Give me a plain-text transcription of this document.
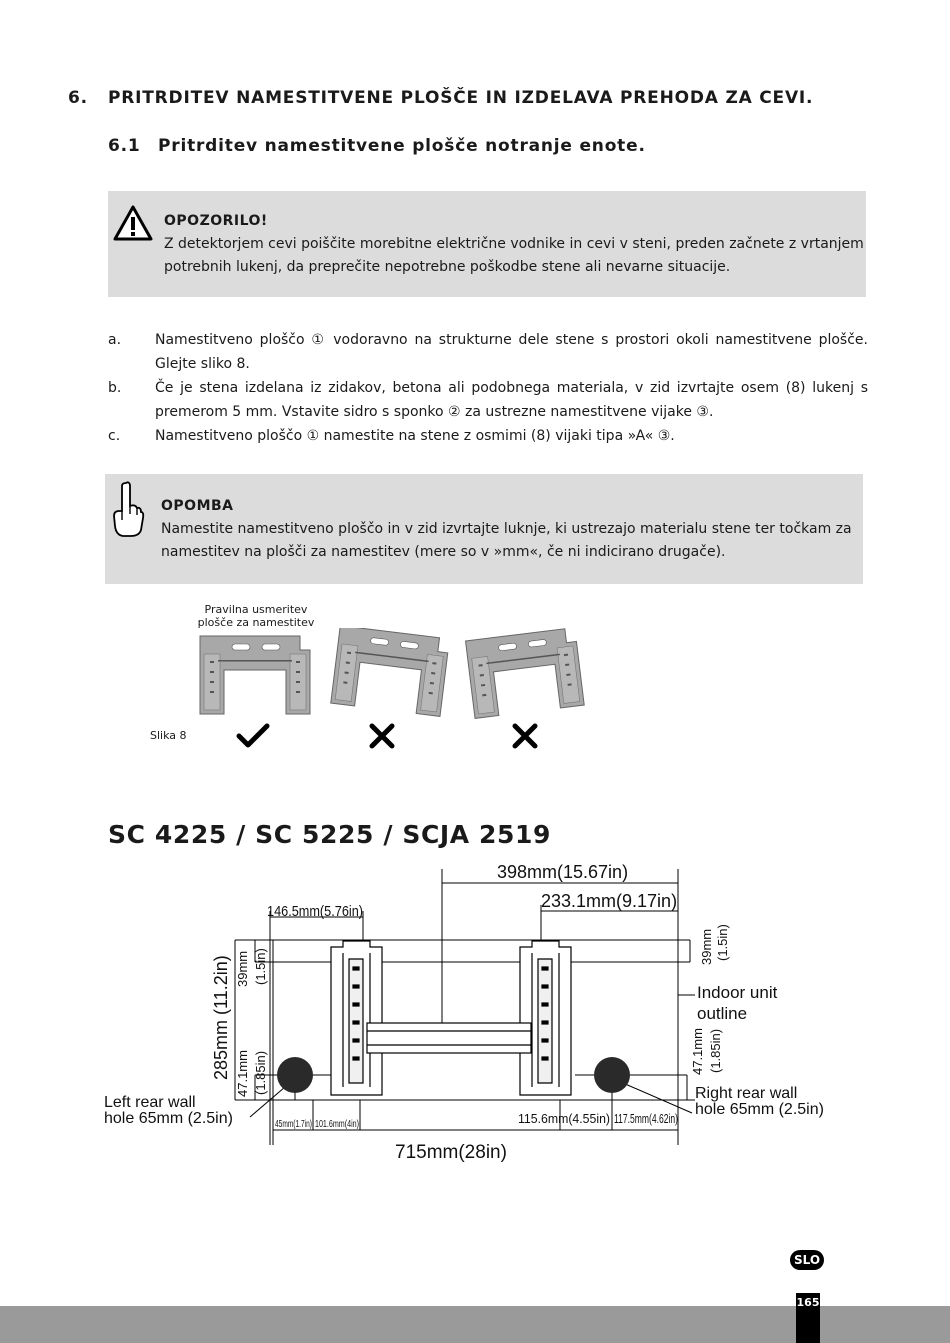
6. PRITRDITEV NAMESTITVENE PLOŠČE IN IZDELAVA PREHODA ZA CEVI.
6.1 Pritrditev namestitvene plošče notranje enote.
OPOZORILO!
Z detektorjem cevi poiščite morebitne električne vodnike in cevi v steni, preden začnete z vrtanjem
potrebnih lukenj, da preprečite nepotrebne poškodbe stene ali nevarne situacije.
a.	Namestitveno ploščo ① vodoravno na strukturne dele stene s prostori okoli namestitvene plošče. Glejte sliko 8.
b.	Če je stena izdelana iz zidakov, betona ali podobnega materiala, v zid izvrtajte osem (8) lukenj s premerom 5 mm. Vstavite sidro s sponko ② za ustrezne namestitvene vijake ③.
c.	Namestitveno ploščo ① namestite na stene z osmimi (8) vijaki tipa »A« ③.
OPOMBA
Namestite namestitveno ploščo in v zid izvrtajte luknje, ki ustrezajo materialu stene ter točkam za
namestitev na plošči za namestitev (mere so v »mm«, če ni indicirano drugače).
Pravilna usmeritev
plošče za namestitev
Slika 8
SC 4225 / SC 5225 / SCJA 2519
398mm(15.67in)
233.1mm(9.17in)
146.5mm(5.76in)
285mm (11.2in) 39mm (1.5in)
39mm (1.5in)
47.1mm (1.85in)	47.1mm (1.85in)
Indoor unit
outline
Left rear wall
hole 65mm (2.5in)
Right rear wall
hole 65mm (2.5in)
45mm(1.7in) 101.6mm(4in)	115.6mm(4.55in) 117.5mm(4.62in)
715mm(28in)
SLO
165
